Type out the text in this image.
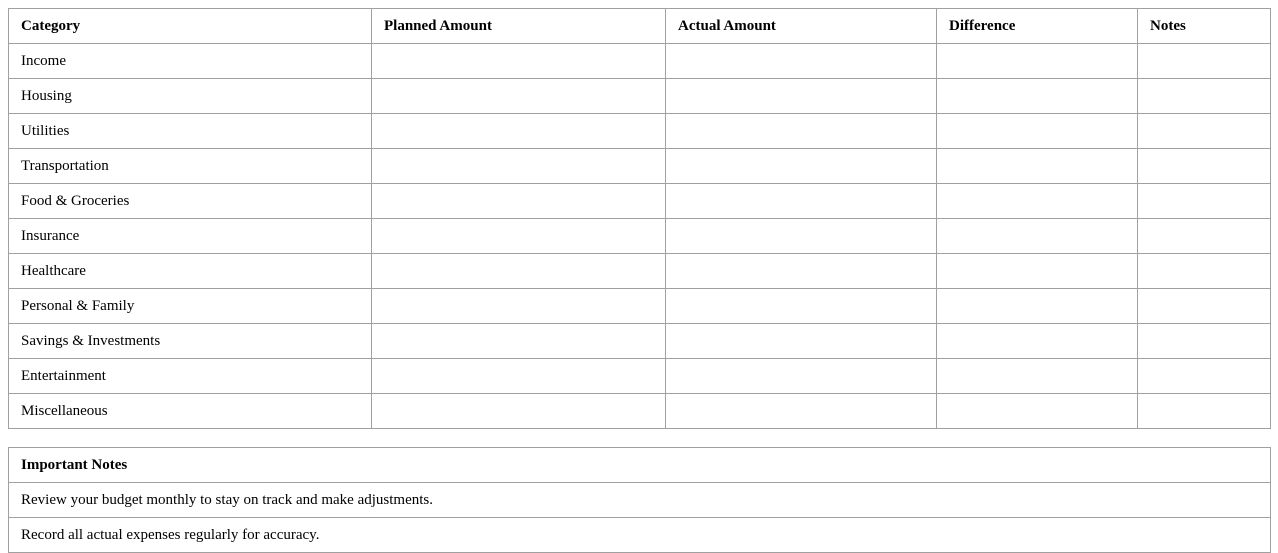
Category	Planned Amount	Actual Amount	Difference	Notes
Income				
Housing				
Utilities				
Transportation				
Food & Groceries				
Insurance				
Healthcare				
Personal & Family				
Savings & Investments				
Entertainment				
Miscellaneous				
Important Notes
Review your budget monthly to stay on track and make adjustments.
Record all actual expenses regularly for accuracy.
